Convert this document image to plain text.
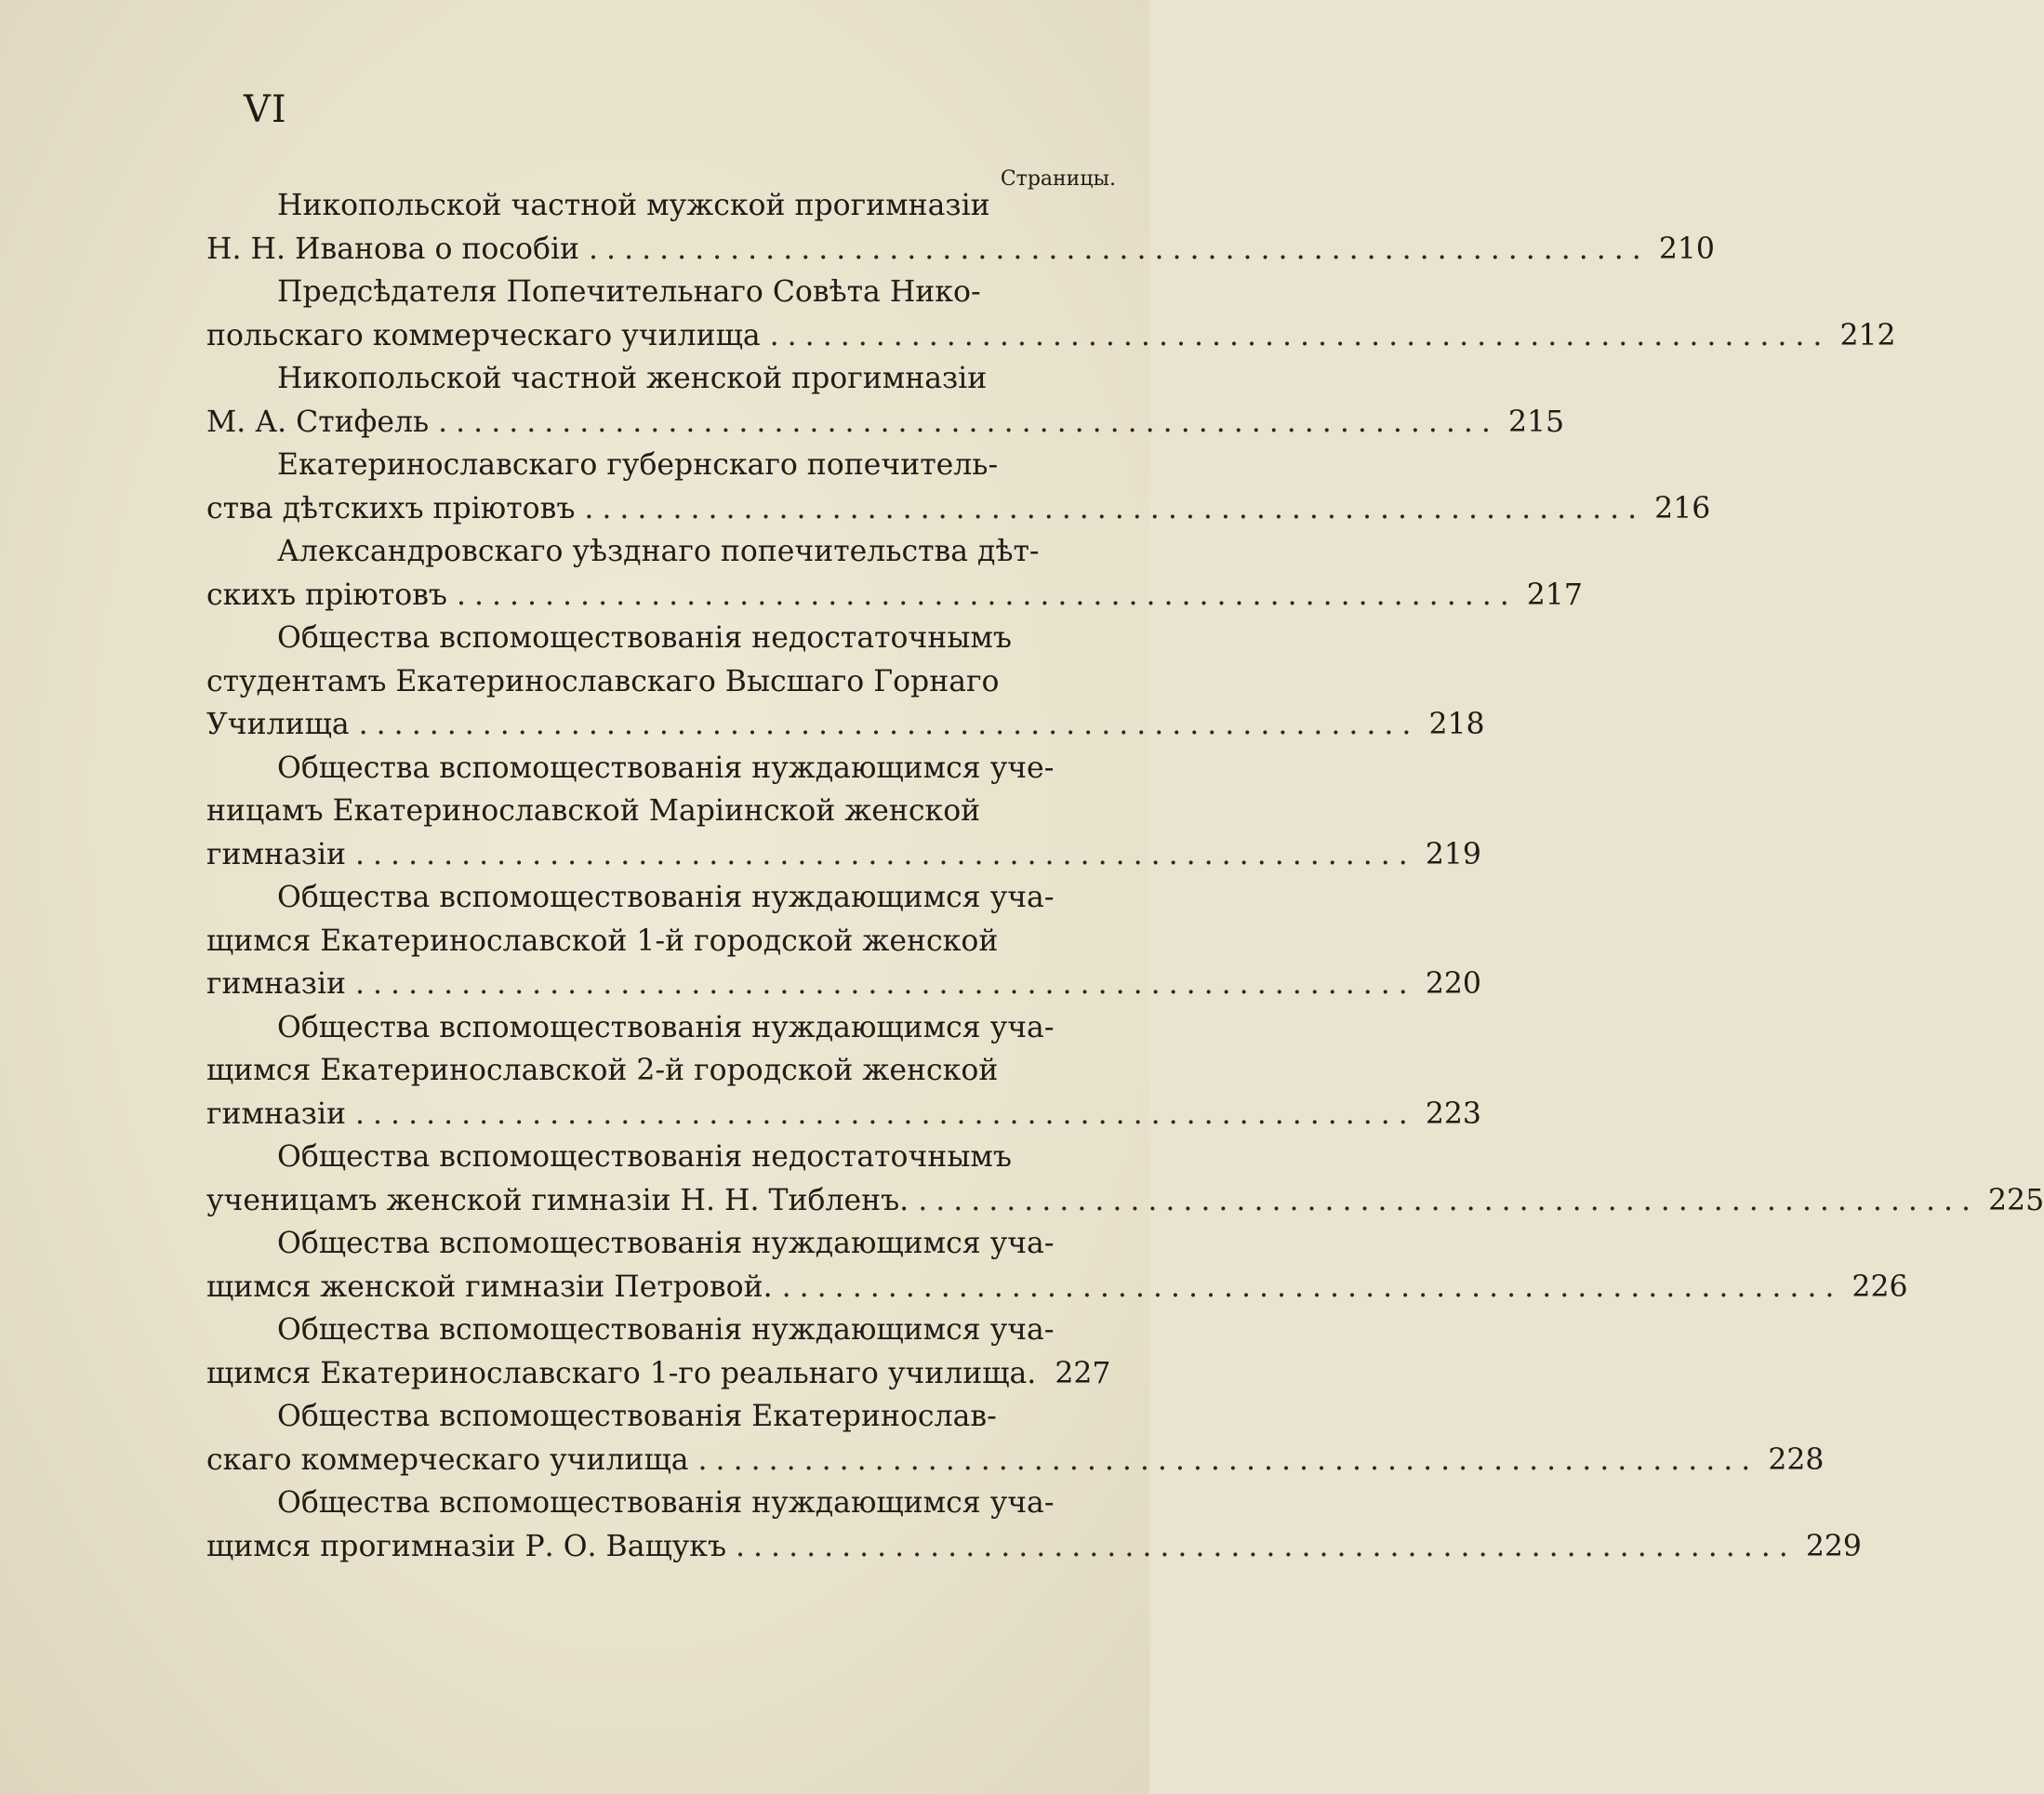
VI
Страницы.
Никопольской частной мужской прогимназіи
Н. Н. Иванова о пособіи ............................................................ 210
Предсѣдателя Попечительнаго Совѣта Нико-
польскаго коммерческаго училища ............................................................ 212
Никопольской частной женской прогимназіи
М. А. Стифель ............................................................ 215
Екатеринославскаго губернскаго попечитель-
ства дѣтскихъ пріютовъ ............................................................ 216
Александровскаго уѣзднаго попечительства дѣт-
скихъ пріютовъ ............................................................ 217
Общества вспомоществованія недостаточнымъ
студентамъ Екатеринославскаго Высшаго Горнаго
Училища ............................................................ 218
Общества вспомоществованія нуждающимся уче-
ницамъ Екатеринославской Маріинской женской
гимназіи ............................................................ 219
Общества вспомоществованія нуждающимся уча-
щимся Екатеринославской 1-й городской женской
гимназіи ............................................................ 220
Общества вспомоществованія нуждающимся уча-
щимся Екатеринославской 2-й городской женской
гимназіи ............................................................ 223
Общества вспомоществованія недостаточнымъ
ученицамъ женской гимназіи Н. Н. Тибленъ. ............................................................ 225
Общества вспомоществованія нуждающимся уча-
щимся женской гимназіи Петровой. ............................................................ 226
Общества вспомоществованія нуждающимся уча-
щимся Екатеринославскаго 1-го реальнаго училища. 227
Общества вспомоществованія Екатеринослав-
скаго коммерческаго училища ............................................................ 228
Общества вспомоществованія нуждающимся уча-
щимся прогимназіи Р. О. Ващукъ ............................................................ 229
